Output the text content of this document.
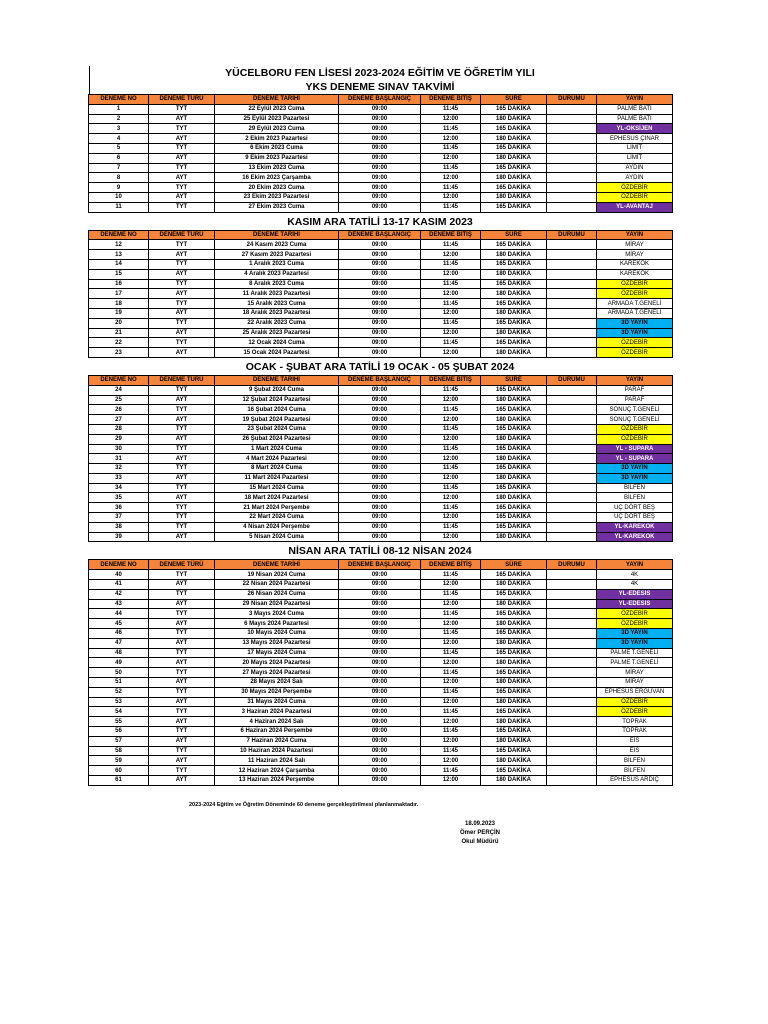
YÜCELBORU FEN LİSESİ 2023-2024 EĞİTİM VE ÖĞRETİM YILI
YKS DENEME SINAV TAKVİMİ
DENEME NO	DENEME TÜRÜ	DENEME TARİHİ	DENEME BAŞLANGIÇ	DENEME BİTİŞ	SÜRE	DURUMU	YAYIN
1	TYT	22 Eylül 2023 Cuma	09:00	11:45	165 DAKİKA		PALME BATI
2	AYT	25 Eylül 2023 Pazartesi	09:00	12:00	180 DAKİKA		PALME BATI
3	TYT	29 Eylül 2023 Cuma	09:00	11:45	165 DAKİKA		YL-OKSİJEN
4	AYT	2 Ekim 2023 Pazartesi	09:00	12:00	180 DAKİKA		EPHESUS ÇINAR
5	TYT	6 Ekim 2023 Cuma	09:00	11:45	165 DAKİKA		LİMİT
6	AYT	9 Ekim 2023 Pazartesi	09:00	12:00	180 DAKİKA		LİMİT
7	TYT	13 Ekim 2023 Cuma	09:00	11:45	165 DAKİKA		AYDIN
8	AYT	16 Ekim 2023 Çarşamba	09:00	12:00	180 DAKİKA		AYDIN
9	TYT	20 Ekim 2023 Cuma	09:00	11:45	165 DAKİKA		ÖZDEBİR
10	AYT	23 Ekim 2023 Pazartesi	09:00	12:00	180 DAKİKA		ÖZDEBİR
11	TYT	27 Ekim 2023 Cuma	09:00	11:45	165 DAKİKA		YL-AVANTAJ
KASIM ARA TATİLİ 13-17 KASIM 2023
DENEME NO	DENEME TÜRÜ	DENEME TARİHİ	DENEME BAŞLANGIÇ	DENEME BİTİŞ	SÜRE	DURUMU	YAYIN
12	TYT	24 Kasım 2023 Cuma	09:00	11:45	165 DAKİKA		MİRAY
13	AYT	27 Kasım 2023 Pazartesi	09:00	12:00	180 DAKİKA		MİRAY
14	TYT	1 Aralık 2023 Cuma	09:00	11:45	165 DAKİKA		KAREKÖK
15	AYT	4 Aralık 2023 Pazartesi	09:00	12:00	180 DAKİKA		KAREKÖK
16	TYT	8 Aralık 2023 Cuma	09:00	11:45	165 DAKİKA		ÖZDEBİR
17	AYT	11 Aralık 2023 Pazartesi	09:00	12:00	180 DAKİKA		ÖZDEBİR
18	TYT	15 Aralık 2023 Cuma	09:00	11:45	165 DAKİKA		ARMADA T.GENELİ
19	AYT	18 Aralık 2023 Pazartesi	09:00	12:00	180 DAKİKA		ARMADA T.GENELİ
20	TYT	22 Aralık 2023 Cuma	09:00	11:45	165 DAKİKA		3D YAYIN
21	AYT	25 Aralık 2023 Pazartesi	09:00	12:00	180 DAKİKA		3D YAYIN
22	TYT	12 Ocak 2024 Cuma	09:00	11:45	165 DAKİKA		ÖZDEBİR
23	AYT	15 Ocak 2024 Pazartesi	09:00	12:00	180 DAKİKA		ÖZDEBİR
OCAK - ŞUBAT ARA TATİLİ 19 OCAK - 05 ŞUBAT 2024
DENEME NO	DENEME TÜRÜ	DENEME TARİHİ	DENEME BAŞLANGIÇ	DENEME BİTİŞ	SÜRE	DURUMU	YAYIN
24	TYT	9 Şubat 2024 Cuma	09:00	11:45	165 DAKİKA		PARAF
25	AYT	12 Şubat 2024 Pazartesi	09:00	12:00	180 DAKİKA		PARAF
26	TYT	16 Şubat 2024 Cuma	09:00	11:45	165 DAKİKA		SONUÇ T.GENELİ
27	AYT	19 Şubat 2024 Pazartesi	09:00	12:00	180 DAKİKA		SONUÇ T.GENELİ
28	TYT	23 Şubat 2024 Cuma	09:00	11:45	165 DAKİKA		ÖZDEBİR
29	AYT	26 Şubat 2024 Pazartesi	09:00	12:00	180 DAKİKA		ÖZDEBİR
30	TYT	1 Mart 2024 Cuma	09:00	11:45	165 DAKİKA		YL - SUPARA
31	AYT	4 Mart 2024 Pazartesi	09:00	12:00	180 DAKİKA		YL - SUPARA
32	TYT	8 Mart 2024 Cuma	09:00	11:45	165 DAKİKA		3D YAYIN
33	AYT	11 Mart 2024 Pazartesi	09:00	12:00	180 DAKİKA		3D YAYIN
34	TYT	15 Mart 2024 Cuma	09:00	11:45	165 DAKİKA		BİLFEN
35	AYT	18 Mart 2024 Pazartesi	09:00	12:00	180 DAKİKA		BİLFEN
36	TYT	21 Mart 2024 Perşembe	09:00	11:45	165 DAKİKA		UÇ DÖRT BEŞ
37	TYT	22 Mart 2024 Cuma	09:00	12:00	165 DAKİKA		UÇ DÖRT BEŞ
38	TYT	4 Nisan 2024 Perşembe	09:00	11:45	165 DAKİKA		YL-KAREKÖK
39	AYT	5 Nisan 2024 Cuma	09:00	12:00	180 DAKİKA		YL-KAREKÖK
NİSAN ARA TATİLİ 08-12 NİSAN 2024
DENEME NO	DENEME TÜRÜ	DENEME TARİHİ	DENEME BAŞLANGIÇ	DENEME BİTİŞ	SÜRE	DURUMU	YAYIN
40	TYT	19 Nisan 2024 Cuma	09:00	11:45	165 DAKİKA		4K
41	AYT	22 Nisan 2024 Pazartesi	09:00	12:00	180 DAKİKA		4K
42	TYT	26 Nisan 2024 Cuma	09:00	11:45	165 DAKİKA		YL-EDESİS
43	AYT	29 Nisan 2024 Pazartesi	09:00	12:00	180 DAKİKA		YL-EDESİS
44	TYT	3 Mayıs 2024 Cuma	09:00	11:45	165 DAKİKA		ÖZDEBİR
45	AYT	6 Mayıs 2024 Pazartesi	09:00	12:00	180 DAKİKA		ÖZDEBİR
46	TYT	10 Mayıs 2024 Cuma	09:00	11:45	165 DAKİKA		3D YAYIN
47	AYT	13 Mayıs 2024 Pazartesi	09:00	12:00	180 DAKİKA		3D YAYIN
48	TYT	17 Mayıs 2024 Cuma	09:00	11:45	165 DAKİKA		PALME T.GENELİ
49	AYT	20 Mayıs 2024 Pazartesi	09:00	12:00	180 DAKİKA		PALME T.GENELİ
50	TYT	27 Mayıs 2024 Pazartesi	09:00	11:45	165 DAKİKA		MİRAY
51	AYT	28 Mayıs 2024 Salı	09:00	12:00	180 DAKİKA		MİRAY
52	TYT	30 Mayıs 2024 Perşembe	09:00	11:45	165 DAKİKA		EPHESUS ERGUVAN
53	AYT	31 Mayıs 2024 Cuma	09:00	12:00	180 DAKİKA		ÖZDEBİR
54	TYT	3 Haziran 2024 Pazartesi	09:00	11:45	165 DAKİKA		ÖZDEBİR
55	AYT	4 Haziran 2024 Salı	09:00	12:00	180 DAKİKA		TOPRAK
56	TYT	6 Haziran 2024 Perşembe	09:00	11:45	165 DAKİKA		TOPRAK
57	AYT	7 Haziran 2024 Cuma	09:00	12:00	180 DAKİKA		EİS
58	TYT	10 Haziran 2024 Pazartesi	09:00	11:45	165 DAKİKA		EİS
59	AYT	11 Haziran 2024 Salı	09:00	12:00	180 DAKİKA		BİLFEN
60	TYT	12 Haziran 2024 Çarşamba	09:00	11:45	165 DAKİKA		BİLFEN
61	AYT	13 Haziran 2024 Perşembe	09:00	12:00	180 DAKİKA		EPHESUS ARDIÇ
2023-2024 Eğitim ve Öğretim Döneminde 60 deneme gerçekleştirilmesi planlanmaktadır.
18.09.2023
Ömer PERÇİN
Okul Müdürü
